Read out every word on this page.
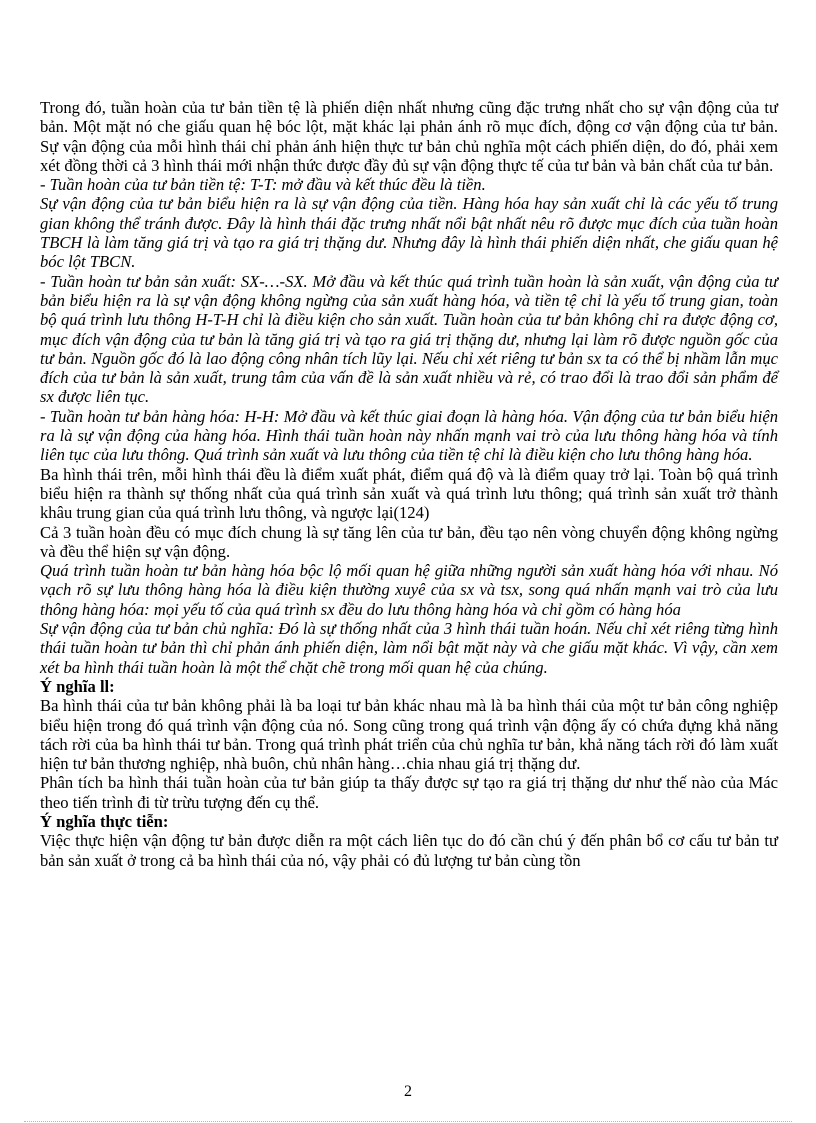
Trong đó, tuần hoàn của tư bản tiền tệ là phiến diện nhất nhưng cũng đặc trưng nhất cho sự vận động của tư bản. Một mặt nó che giấu quan hệ bóc lột, mặt khác lại phản ánh rõ mục đích, động cơ vận động của tư bản. Sự vận động của mỗi hình thái chỉ phản ánh hiện thực tư bản chủ nghĩa một cách phiến diện, do đó, phải xem xét đồng thời cả 3 hình thái mới nhận thức được đầy đủ sự vận động thực tế của tư bản và bản chất của tư bản.

- Tuần hoàn của tư bản tiền tệ: T-T: mở đầu và kết thúc đều là tiền.

Sự vận động của tư bản biểu hiện ra là sự vận động của tiền. Hàng hóa hay sản xuất chỉ là các yếu tố trung gian không thể tránh được. Đây là hình thái đặc trưng nhất nổi bật nhất nêu rõ được mục đích của tuần hoàn TBCH là làm tăng giá trị và tạo ra giá trị thặng dư. Nhưng đây là hình thái phiến diện nhất, che giấu quan hệ bóc lột TBCN.

- Tuần hoàn tư bản sản xuất: SX-…-SX. Mở đầu và kết thúc quá trình tuần hoàn là sản xuất, vận động của tư bản biểu hiện ra là sự vận động không ngừng của sản xuất hàng hóa, và tiền tệ chỉ là yếu tố trung gian, toàn bộ quá trình lưu thông H-T-H chỉ là điều kiện cho sản xuất. Tuần hoàn của tư bản không chỉ ra được động cơ, mục đích vận động của tư bản là tăng giá trị và tạo ra giá trị thặng dư, nhưng lại làm rõ được nguồn gốc của tư bản. Nguồn gốc đó là lao động công nhân tích lũy lại. Nếu chỉ xét riêng tư bản sx ta có thể bị nhầm lẫn mục đích của tư bản là sản xuất, trung tâm của vấn đề là sản xuất nhiều và rẻ, có trao đổi là trao đổi sản phẩm để sx được liên tục.

- Tuần hoàn tư bản hàng hóa: H-H: Mở đầu và kết thúc giai đoạn là hàng hóa. Vận động của tư bản biểu hiện ra là sự vận động của hàng hóa. Hình thái tuần hoàn này nhấn mạnh vai trò của lưu thông hàng hóa và tính liên tục của lưu thông. Quá trình sản xuất và lưu thông của tiền tệ chỉ là điều kiện cho lưu thông hàng hóa.

Ba hình thái trên, mỗi hình thái đều là điểm xuất phát, điểm quá độ và là điểm quay trở lại. Toàn bộ quá trình biểu hiện ra thành sự thống nhất của quá trình sản xuất và quá trình lưu thông; quá trình sản xuất trở thành khâu trung gian của quá trình lưu thông, và ngược lại(124)

Cả 3 tuần hoàn đều có mục đích chung là sự tăng lên của tư bản, đều tạo nên vòng chuyển động không ngừng và đều thể hiện sự vận động.

Quá trình tuần hoàn tư bản hàng hóa bộc lộ mối quan hệ giữa những người sản xuất hàng hóa với nhau. Nó vạch rõ sự lưu thông hàng hóa là điều kiện thường xuyê của sx và tsx, song quá nhấn mạnh vai trò của lưu thông hàng hóa: mọi yếu tố của quá trình sx đều do lưu thông hàng hóa và chỉ gồm có hàng hóa

Sự vận động của tư bản chủ nghĩa: Đó là sự thống nhất của 3 hình thái tuần hoán. Nếu chỉ xét riêng từng hình thái tuần hoàn tư bản thì chỉ phản ánh phiến diện, làm nổi bật mặt này và che giấu mặt khác. Vì vậy, cần xem xét ba hình thái tuần hoàn là một thể chặt chẽ trong mối quan hệ của chúng.

Ý nghĩa ll:

Ba hình thái của tư bản không phải là ba loại tư bản khác nhau mà là ba hình thái của một tư bản công nghiệp biểu hiện trong đó quá trình vận động của nó. Song cũng trong quá trình vận động ấy có chứa đựng khả năng tách rời của ba hình thái tư bản. Trong quá trình phát triển của chủ nghĩa tư bản, khả năng tách rời đó làm xuất hiện tư bản thương nghiệp, nhà buôn, chủ nhân hàng…chia nhau giá trị thặng dư.

Phân tích ba hình thái tuần hoàn của tư bản giúp ta thấy được sự tạo ra giá trị thặng dư như thế nào của Mác theo tiến trình đi từ trừu tượng đến cụ thể.

Ý nghĩa thực tiễn:

Việc thực hiện vận động tư bản được diễn ra một cách liên tục do đó cần chú ý đến phân bổ cơ cấu tư bản tư bản sản xuất ở trong cả ba hình thái của nó, vậy phải có đủ lượng tư bản cùng tồn

2
